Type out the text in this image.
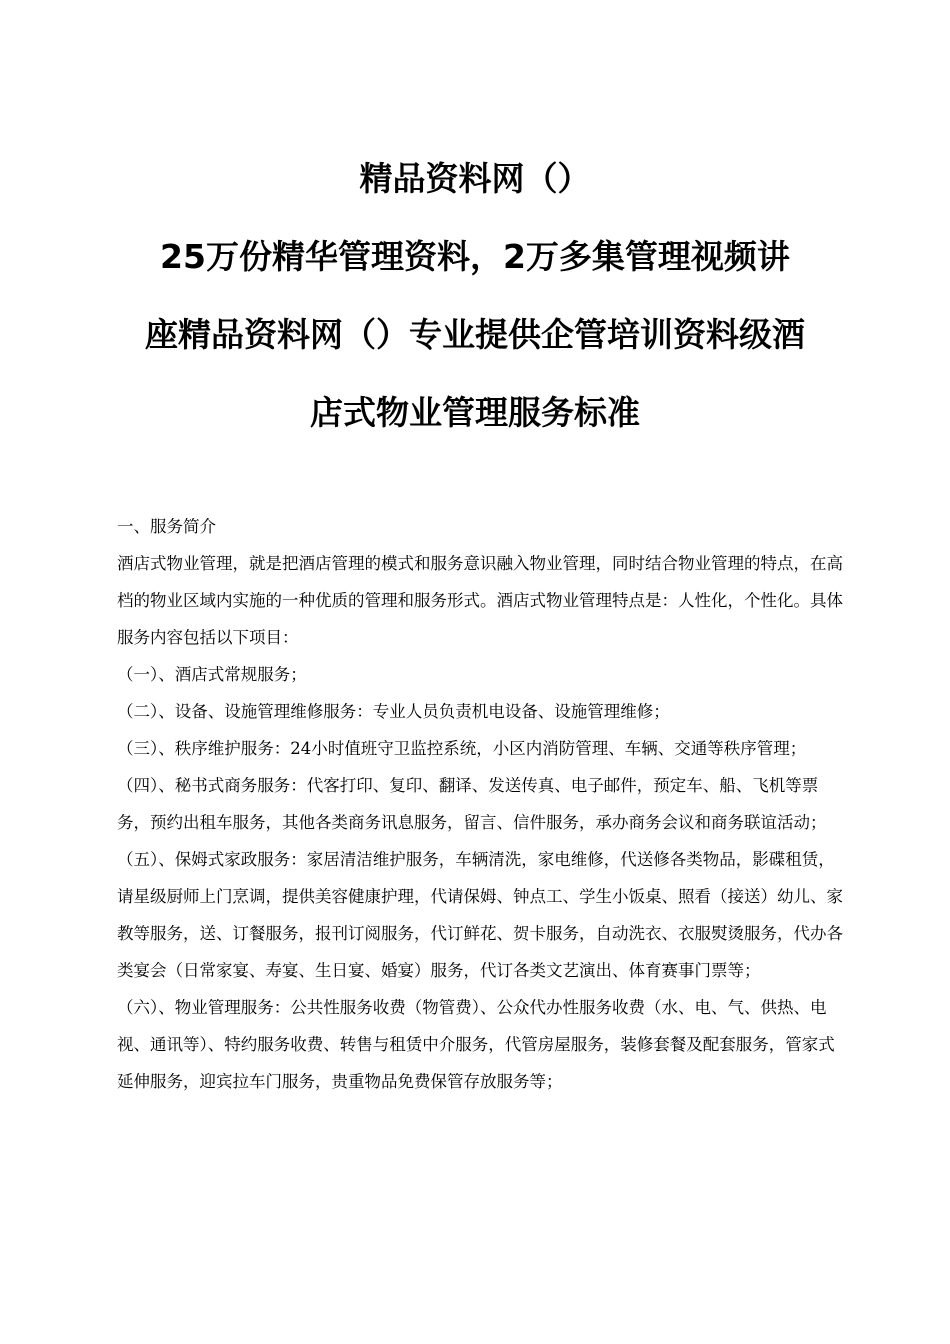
精品资料网（）
25万份精华管理资料，2万多集管理视频讲
座精品资料网（）专业提供企管培训资料级酒
店式物业管理服务标准

一、服务简介

酒店式物业管理，就是把酒店管理的模式和服务意识融入物业管理，同时结合物业管理的特点，在高档的物业区域内实施的一种优质的管理和服务形式。酒店式物业管理特点是：人性化，个性化。具体服务内容包括以下项目：

（一）、酒店式常规服务；

（二）、设备、设施管理维修服务：专业人员负责机电设备、设施管理维修；

（三）、秩序维护服务：24小时值班守卫监控系统，小区内消防管理、车辆、交通等秩序管理；

（四）、秘书式商务服务：代客打印、复印、翻译、发送传真、电子邮件，预定车、船、飞机等票务，预约出租车服务，其他各类商务讯息服务，留言、信件服务，承办商务会议和商务联谊活动；

（五）、保姆式家政服务：家居清洁维护服务，车辆清洗，家电维修，代送修各类物品，影碟租赁，请星级厨师上门烹调，提供美容健康护理，代请保姆、钟点工、学生小饭桌、照看（接送）幼儿、家教等服务，送、订餐服务，报刊订阅服务，代订鲜花、贺卡服务，自动洗衣、衣服熨烫服务，代办各类宴会（日常家宴、寿宴、生日宴、婚宴）服务，代订各类文艺演出、体育赛事门票等；

（六）、物业管理服务：公共性服务收费（物管费）、公众代办性服务收费（水、电、气、供热、电视、通讯等）、特约服务收费、转售与租赁中介服务，代管房屋服务，装修套餐及配套服务，管家式延伸服务，迎宾拉车门服务，贵重物品免费保管存放服务等；
